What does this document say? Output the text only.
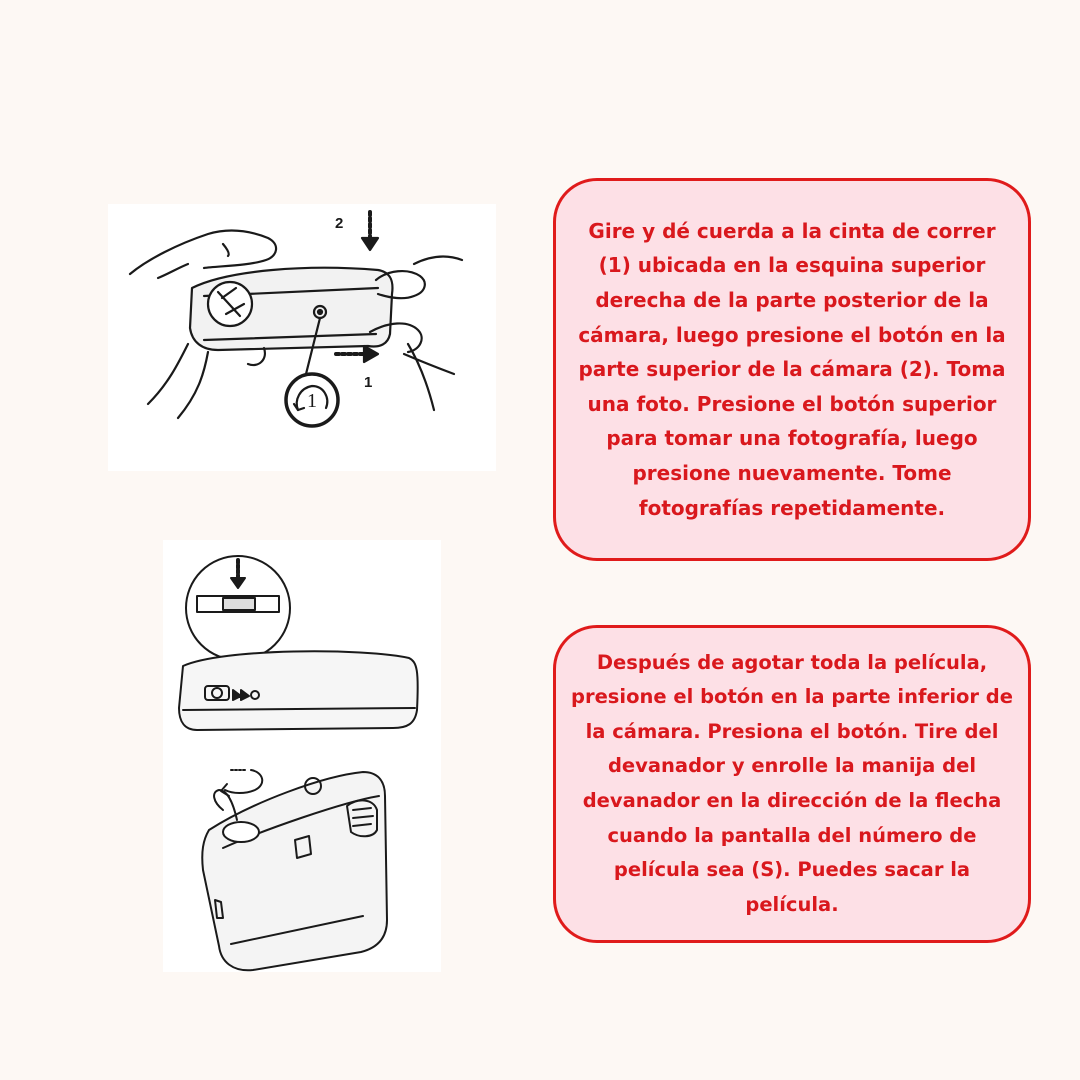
2
1
1

Gire y dé cuerda a la cinta de correr (1) ubicada en la esquina superior derecha de la parte posterior de la cámara, luego presione el botón en la parte superior de la cámara (2). Toma una foto. Presione el botón superior para tomar una fotografía, luego presione nuevamente. Tome fotografías repetidamente.

Después de agotar toda la película, presione el botón en la parte inferior de la cámara. Presiona el botón. Tire del devanador y enrolle la manija del devanador en la dirección de la flecha cuando la pantalla del número de película sea (S). Puedes sacar la película.
